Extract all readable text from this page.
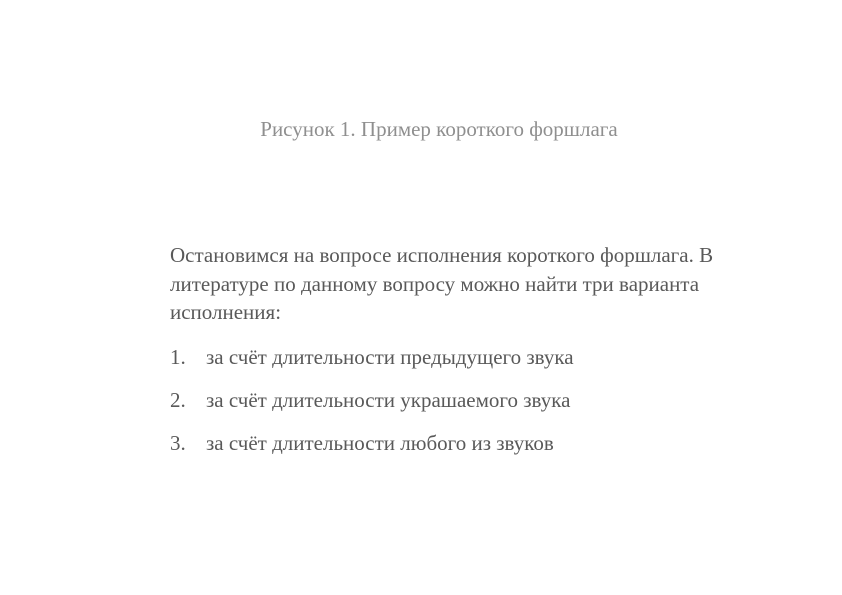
Рисунок 1. Пример короткого форшлага

Остановимся на вопросе исполнения короткого форшлага. В литературе по данному вопросу можно найти три варианта исполнения:

1. за счёт длительности предыдущего звука
2. за счёт длительности украшаемого звука
3. за счёт длительности любого из звуков
